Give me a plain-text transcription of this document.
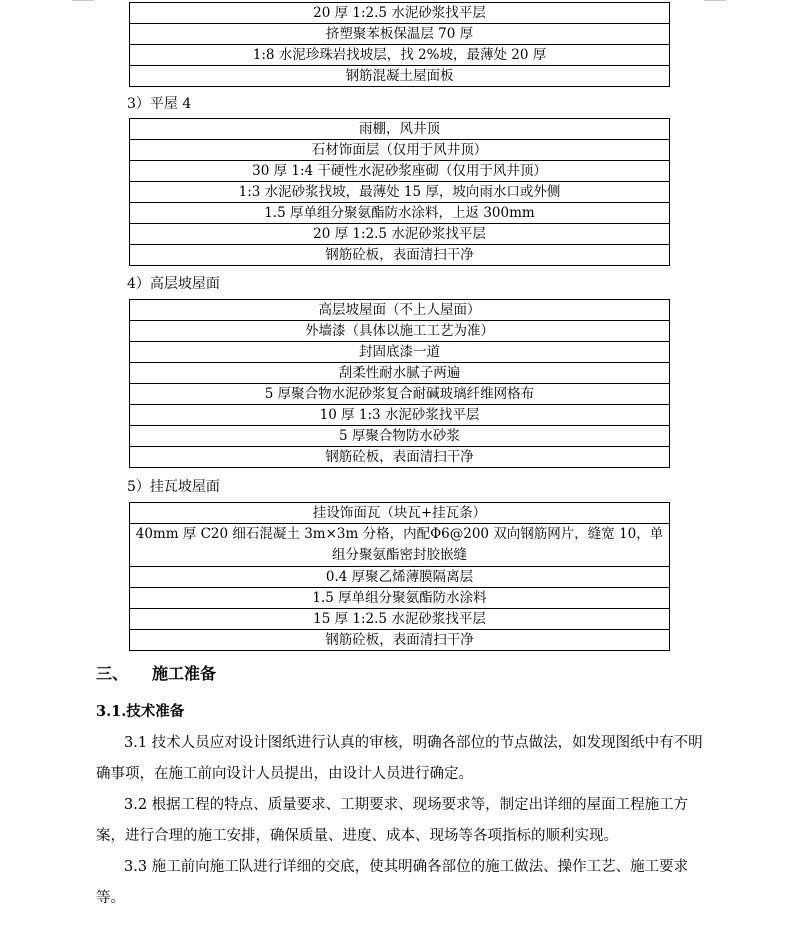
20 厚 1:2.5 水泥砂浆找平层
挤塑聚苯板保温层 70 厚
1:8 水泥珍珠岩找坡层，找 2%坡，最薄处 20 厚
钢筋混凝土屋面板
3）平屋 4
雨棚，风井顶
石材饰面层（仅用于风井顶）
30 厚 1:4 干硬性水泥砂浆座砌（仅用于风井顶）
1:3 水泥砂浆找坡，最薄处 15 厚，坡向雨水口或外侧
1.5 厚单组分聚氨酯防水涂料，上返 300mm
20 厚 1:2.5 水泥砂浆找平层
钢筋砼板，表面清扫干净
4）高层坡屋面
高层坡屋面（不上人屋面）
外墙漆（具体以施工工艺为准）
封固底漆一道
刮柔性耐水腻子两遍
5 厚聚合物水泥砂浆复合耐碱玻璃纤维网格布
10 厚 1:3 水泥砂浆找平层
5 厚聚合物防水砂浆
钢筋砼板，表面清扫干净
5）挂瓦坡屋面
挂设饰面瓦（块瓦+挂瓦条）
40mm 厚 C20 细石混凝土 3m×3m 分格，内配Φ6@200 双向钢筋网片，缝宽 10，单组分聚氨酯密封胶嵌缝
0.4 厚聚乙烯薄膜隔离层
1.5 厚单组分聚氨酯防水涂料
15 厚 1:2.5 水泥砂浆找平层
钢筋砼板，表面清扫干净
三、 施工准备
3.1.技术准备

3.1 技术人员应对设计图纸进行认真的审核，明确各部位的节点做法，如发现图纸中有不明确事项，在施工前向设计人员提出，由设计人员进行确定。

3.2 根据工程的特点、质量要求、工期要求、现场要求等，制定出详细的屋面工程施工方案，进行合理的施工安排，确保质量、进度、成本、现场等各项指标的顺利实现。

3.3 施工前向施工队进行详细的交底，使其明确各部位的施工做法、操作工艺、施工要求等。
